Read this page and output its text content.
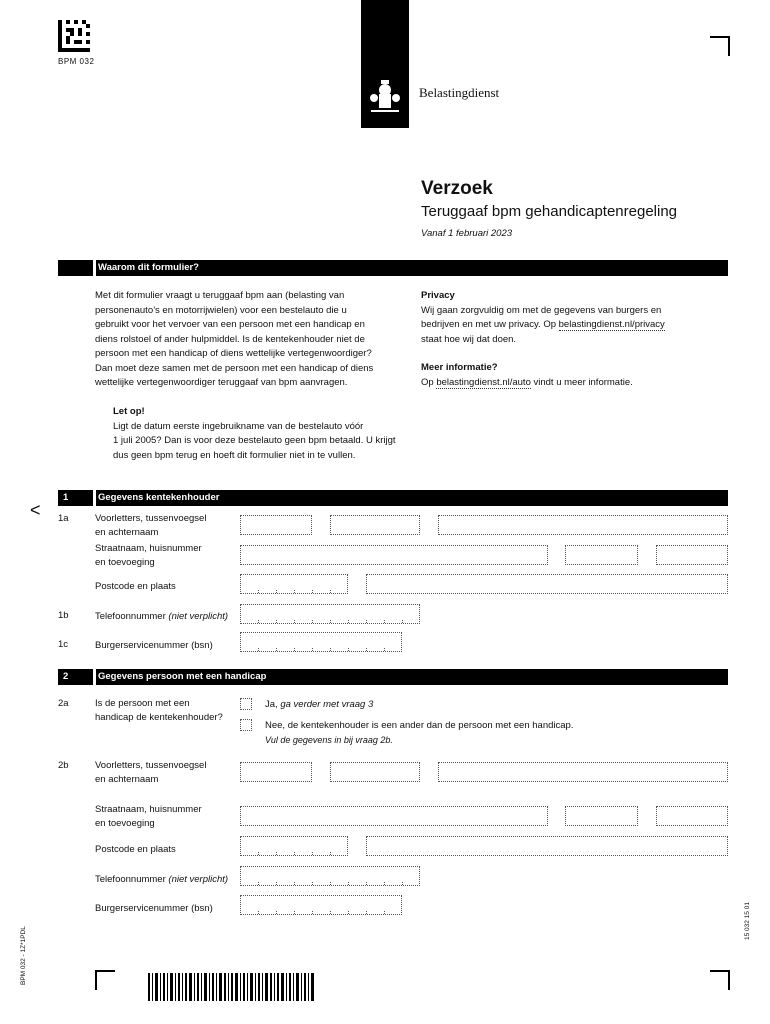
BPM 032
Belastingdienst
Verzoek
Teruggaaf bpm gehandicaptenregeling
Vanaf 1 februari 2023
Waarom dit formulier?
Met dit formulier vraagt u teruggaaf bpm aan (belasting van
personenauto’s en motorrijwielen) voor een bestelauto die u
gebruikt voor het vervoer van een persoon met een handicap en
diens rolstoel of ander hulpmiddel. Is de kentekenhouder niet de
persoon met een handicap of diens wettelijke vertegenwoordiger?
Dan moet deze samen met de persoon met een handicap of diens
wettelijke vertegenwoordiger teruggaaf van bpm aanvragen.
Let op!
Ligt de datum eerste ingebruikname van de bestelauto vóór
1 juli 2005? Dan is voor deze bestelauto geen bpm betaald. U krijgt
dus geen bpm terug en hoeft dit formulier niet in te vullen.
Privacy
Wij gaan zorgvuldig om met de gegevens van burgers en
bedrijven en met uw privacy. Op belastingdienst.nl/privacy
staat hoe wij dat doen.
Meer informatie?
Op belastingdienst.nl/auto vindt u meer informatie.
<
1	Gegevens kentekenhouder
1a	Voorletters, tussenvoegsel
en achternaam
Straatnaam, huisnummer
en toevoeging
Postcode en plaats
1b	Telefoonnummer (niet verplicht)
1c	Burgerservicenummer (bsn)
2	Gegevens persoon met een handicap
2a	Is de persoon met een
handicap de kentekenhouder?
Ja, ga verder met vraag 3
Nee, de kentekenhouder is een ander dan de persoon met een handicap.
Vul de gegevens in bij vraag 2b.
2b	Voorletters, tussenvoegsel
en achternaam
Straatnaam, huisnummer
en toevoeging
Postcode en plaats
Telefoonnummer (niet verplicht)
Burgerservicenummer (bsn)
BPM 032 - 1Z*1PDL
15 032 15 01
